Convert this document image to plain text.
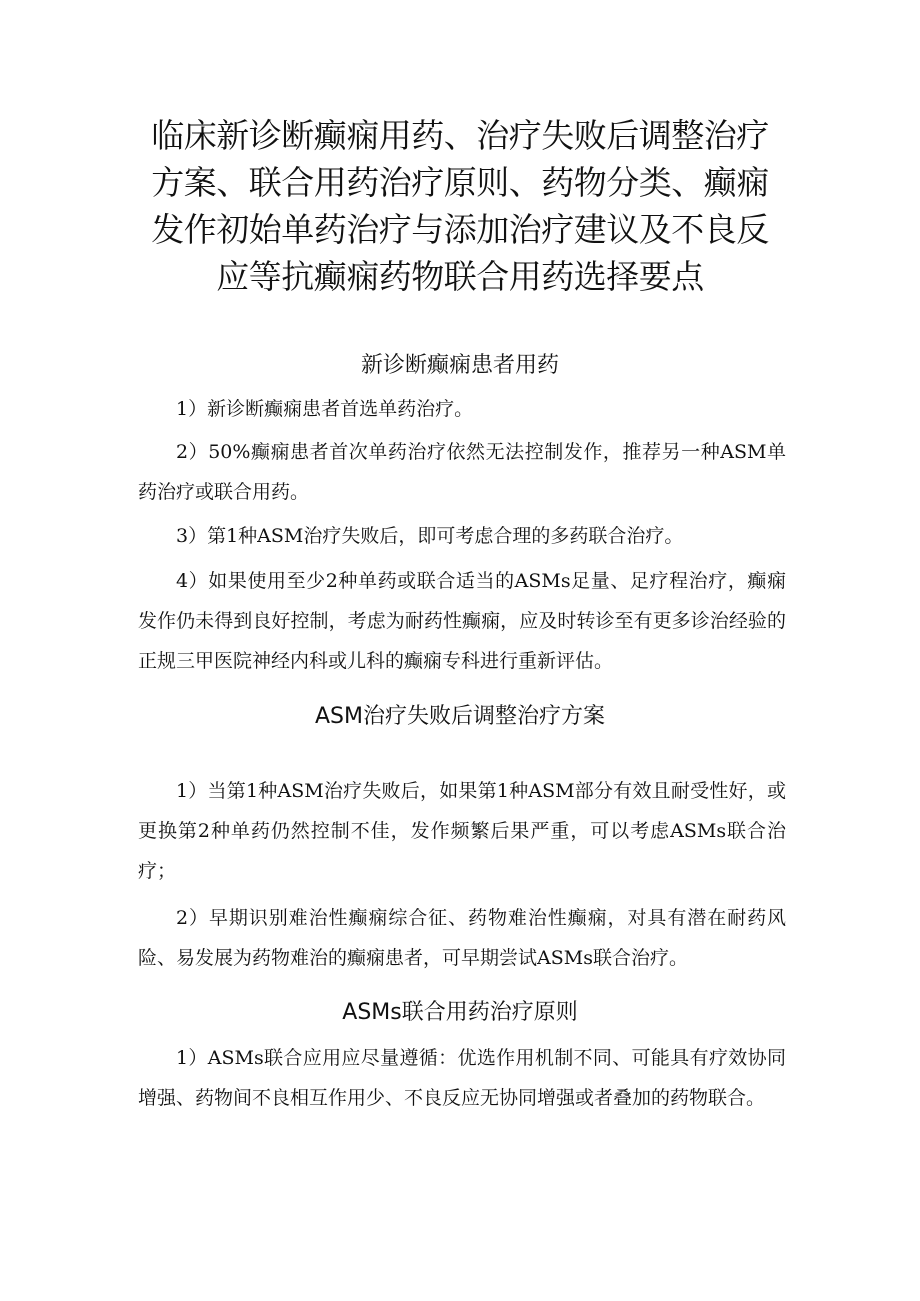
临床新诊断癫痫用药、治疗失败后调整治疗方案、联合用药治疗原则、药物分类、癫痫发作初始单药治疗与添加治疗建议及不良反应等抗癫痫药物联合用药选择要点
新诊断癫痫患者用药

1）新诊断癫痫患者首选单药治疗。

2）50%癫痫患者首次单药治疗依然无法控制发作，推荐另一种ASM单药治疗或联合用药。

3）第1种ASM治疗失败后，即可考虑合理的多药联合治疗。

4）如果使用至少2种单药或联合适当的ASMs足量、足疗程治疗，癫痫发作仍未得到良好控制，考虑为耐药性癫痫，应及时转诊至有更多诊治经验的正规三甲医院神经内科或儿科的癫痫专科进行重新评估。

ASM治疗失败后调整治疗方案

1）当第1种ASM治疗失败后，如果第1种ASM部分有效且耐受性好，或更换第2种单药仍然控制不佳，发作频繁后果严重，可以考虑ASMs联合治疗；

2）早期识别难治性癫痫综合征、药物难治性癫痫，对具有潜在耐药风险、易发展为药物难治的癫痫患者，可早期尝试ASMs联合治疗。

ASMs联合用药治疗原则

1）ASMs联合应用应尽量遵循：优选作用机制不同、可能具有疗效协同增强、药物间不良相互作用少、不良反应无协同增强或者叠加的药物联合。
